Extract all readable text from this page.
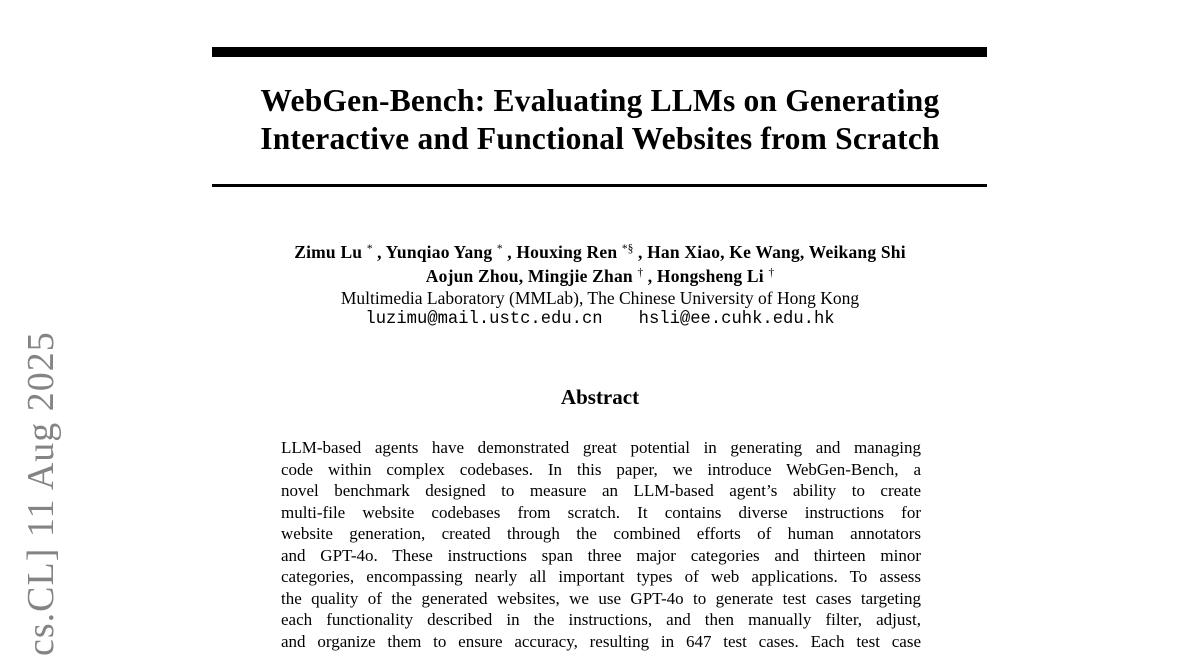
cs.CL] 11 Aug 2025
WebGen-Bench: Evaluating LLMs on Generating
Interactive and Functional Websites from Scratch
Zimu Lu * , Yunqiao Yang * , Houxing Ren *§ , Han Xiao, Ke Wang, Weikang Shi
Aojun Zhou, Mingjie Zhan † , Hongsheng Li †
Multimedia Laboratory (MMLab), The Chinese University of Hong Kong
luzimu@mail.ustc.edu.cn hsli@ee.cuhk.edu.hk
Abstract
LLM-based agents have demonstrated great potential in generating and managing
code within complex codebases. In this paper, we introduce WebGen-Bench, a
novel benchmark designed to measure an LLM-based agent’s ability to create
multi-file website codebases from scratch. It contains diverse instructions for
website generation, created through the combined efforts of human annotators
and GPT-4o. These instructions span three major categories and thirteen minor
categories, encompassing nearly all important types of web applications. To assess
the quality of the generated websites, we use GPT-4o to generate test cases targeting
each functionality described in the instructions, and then manually filter, adjust,
and organize them to ensure accuracy, resulting in 647 test cases. Each test case
